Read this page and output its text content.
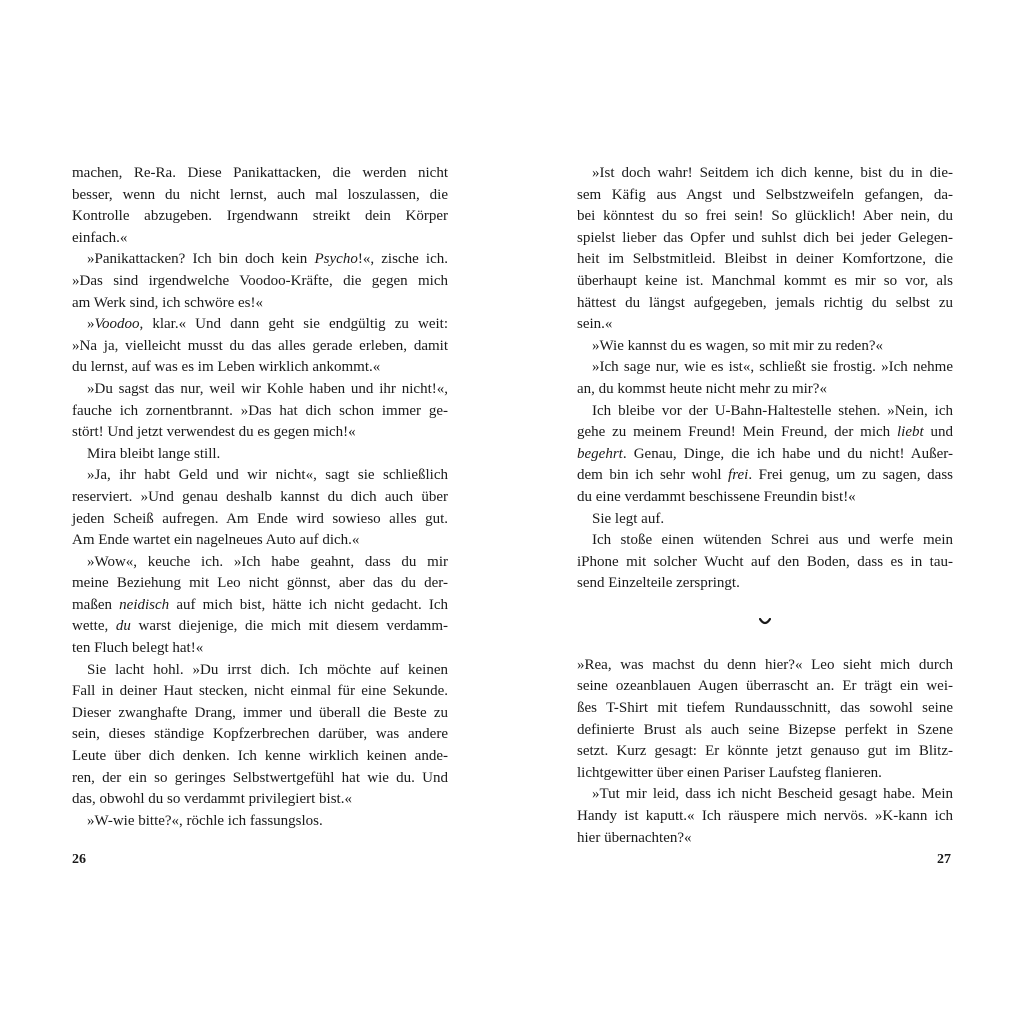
machen, Re-Ra. Diese Panikattacken, die werden nicht
besser, wenn du nicht lernst, auch mal loszulassen, die
Kontrolle abzugeben. Irgendwann streikt dein Körper
einfach.«
»Panikattacken? Ich bin doch kein Psycho!«, zische ich.
»Das sind irgendwelche Voodoo-Kräfte, die gegen mich
am Werk sind, ich schwöre es!«
»Voodoo, klar.« Und dann geht sie endgültig zu weit:
»Na ja, vielleicht musst du das alles gerade erleben, damit
du lernst, auf was es im Leben wirklich ankommt.«
»Du sagst das nur, weil wir Kohle haben und ihr nicht!«,
fauche ich zornentbrannt. »Das hat dich schon immer ge-
stört! Und jetzt verwendest du es gegen mich!«
Mira bleibt lange still.
»Ja, ihr habt Geld und wir nicht«, sagt sie schließlich
reserviert. »Und genau deshalb kannst du dich auch über
jeden Scheiß aufregen. Am Ende wird sowieso alles gut.
Am Ende wartet ein nagelneues Auto auf dich.«
»Wow«, keuche ich. »Ich habe geahnt, dass du mir
meine Beziehung mit Leo nicht gönnst, aber das du der-
maßen neidisch auf mich bist, hätte ich nicht gedacht. Ich
wette, du warst diejenige, die mich mit diesem verdamm-
ten Fluch belegt hat!«
Sie lacht hohl. »Du irrst dich. Ich möchte auf keinen
Fall in deiner Haut stecken, nicht einmal für eine Sekunde.
Dieser zwanghafte Drang, immer und überall die Beste zu
sein, dieses ständige Kopfzerbrechen darüber, was andere
Leute über dich denken. Ich kenne wirklich keinen ande-
ren, der ein so geringes Selbstwertgefühl hat wie du. Und
das, obwohl du so verdammt privilegiert bist.«
»W-wie bitte?«, röchle ich fassungslos.
26
»Ist doch wahr! Seitdem ich dich kenne, bist du in die-
sem Käfig aus Angst und Selbstzweifeln gefangen, da-
bei könntest du so frei sein! So glücklich! Aber nein, du
spielst lieber das Opfer und suhlst dich bei jeder Gelegen-
heit im Selbstmitleid. Bleibst in deiner Komfortzone, die
überhaupt keine ist. Manchmal kommt es mir so vor, als
hättest du längst aufgegeben, jemals richtig du selbst zu
sein.«
»Wie kannst du es wagen, so mit mir zu reden?«
»Ich sage nur, wie es ist«, schließt sie frostig. »Ich nehme
an, du kommst heute nicht mehr zu mir?«
Ich bleibe vor der U-Bahn-Haltestelle stehen. »Nein, ich
gehe zu meinem Freund! Mein Freund, der mich liebt und
begehrt. Genau, Dinge, die ich habe und du nicht! Außer-
dem bin ich sehr wohl frei. Frei genug, um zu sagen, dass
du eine verdammt beschissene Freundin bist!«
Sie legt auf.
Ich stoße einen wütenden Schrei aus und werfe mein
iPhone mit solcher Wucht auf den Boden, dass es in tau-
send Einzelteile zerspringt.
»Rea, was machst du denn hier?« Leo sieht mich durch
seine ozeanblauen Augen überrascht an. Er trägt ein wei-
ßes T-Shirt mit tiefem Rundausschnitt, das sowohl seine
definierte Brust als auch seine Bizepse perfekt in Szene
setzt. Kurz gesagt: Er könnte jetzt genauso gut im Blitz-
lichtgewitter über einen Pariser Laufsteg flanieren.
»Tut mir leid, dass ich nicht Bescheid gesagt habe. Mein
Handy ist kaputt.« Ich räuspere mich nervös. »K-kann ich
hier übernachten?«
27
